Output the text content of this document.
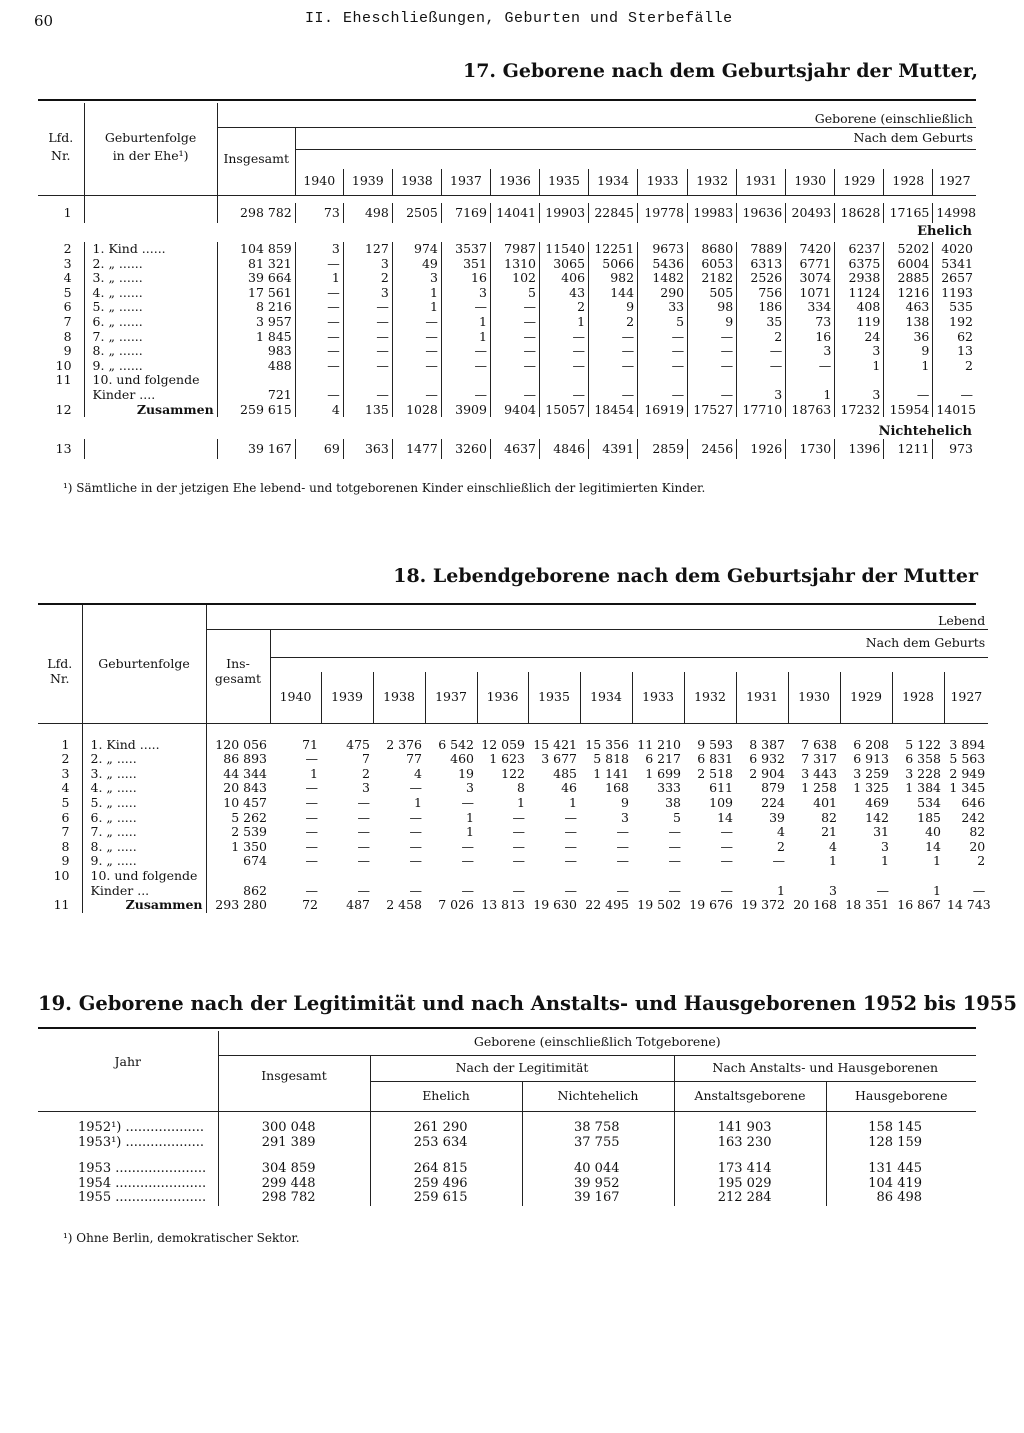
60	II. Eheschließungen, Geburten und Sterbefälle
17. Geborene nach dem Geburtsjahr der Mutter,
		Geborene (einschließlich														
Lfd.	Geburtenfolge		Nach dem Geburts													
Nr.	in der Ehe¹)	Insgesamt														
			1940	1939	1938	1937	1936	1935	1934	1933	1932	1931	1930	1929	1928	1927

1		298 782	73	498	2505	7169	14041	19903	22845	19778	19983	19636	20493	18628	17165	14998
Ehelich																
2	1. Kind ......	104 859	3	127	974	3537	7987	11540	12251	9673	8680	7889	7420	6237	5202	4020
3	2. „ ......	81 321	—	3	49	351	1310	3065	5066	5436	6053	6313	6771	6375	6004	5341
4	3. „ ......	39 664	1	2	3	16	102	406	982	1482	2182	2526	3074	2938	2885	2657
5	4. „ ......	17 561	—	3	1	3	5	43	144	290	505	756	1071	1124	1216	1193
6	5. „ ......	8 216	—	—	1	—	—	2	9	33	98	186	334	408	463	535
7	6. „ ......	3 957	—	—	—	1	—	1	2	5	9	35	73	119	138	192
8	7. „ ......	1 845	—	—	—	1	—	—	—	—	—	2	16	24	36	62
9	8. „ ......	983	—	—	—	—	—	—	—	—	—	—	3	3	9	13
10	9. „ ......	488	—	—	—	—	—	—	—	—	—	—	—	1	1	2
11	10. und folgende															
	Kinder ....	721	—	—	—	—	—	—	—	—	—	3	1	3	—	—
12	Zusammen	259 615	4	135	1028	3909	9404	15057	18454	16919	17527	17710	18763	17232	15954	14015
Nichtehelich																
13		39 167	69	363	1477	3260	4637	4846	4391	2859	2456	1926	1730	1396	1211	973
¹) Sämtliche in der jetzigen Ehe lebend- und totgeborenen Kinder einschließlich der legitimierten Kinder.
18. Lebendgeborene nach dem Geburtsjahr der Mutter
		Lebend														
			Nach dem Geburts													
Lfd.	Geburtenfolge	Ins-														
Nr.		gesamt	1940	1939	1938	1937	1936	1935	1934	1933	1932	1931	1930	1929	1928	1927

1	1. Kind .....	120 056	71	475	2 376	6 542	12 059	15 421	15 356	11 210	9 593	8 387	7 638	6 208	5 122	3 894
2	2. „ .....	86 893	—	7	77	460	1 623	3 677	5 818	6 217	6 831	6 932	7 317	6 913	6 358	5 563
3	3. „ .....	44 344	1	2	4	19	122	485	1 141	1 699	2 518	2 904	3 443	3 259	3 228	2 949
4	4. „ .....	20 843	—	3	—	3	8	46	168	333	611	879	1 258	1 325	1 384	1 345
5	5. „ .....	10 457	—	—	1	—	1	1	9	38	109	224	401	469	534	646
6	6. „ .....	5 262	—	—	—	1	—	—	3	5	14	39	82	142	185	242
7	7. „ .....	2 539	—	—	—	1	—	—	—	—	—	4	21	31	40	82
8	8. „ .....	1 350	—	—	—	—	—	—	—	—	—	2	4	3	14	20
9	9. „ .....	674	—	—	—	—	—	—	—	—	—	—	1	1	1	2
10	10. und folgende															
	Kinder ...	862	—	—	—	—	—	—	—	—	—	1	3	—	1	—
11	Zusammen	293 280	72	487	2 458	7 026	13 813	19 630	22 495	19 502	19 676	19 372	20 168	18 351	16 867	14 743
19. Geborene nach der Legitimität und nach Anstalts- und Hausgeborenen 1952 bis 1955
	Geborene (einschließlich Totgeborene)				
Jahr		Nach der Legitimität		Nach Anstalts- und Hausgeborenen	
	Insgesamt	Ehelich	Nichtehelich	Anstaltsgeborene	Hausgeborene

1952¹) ...................	300 048	261 290	38 758	141 903	158 145
1953¹) ...................	291 389	253 634	37 755	163 230	128 159

1953 ......................	304 859	264 815	40 044	173 414	131 445
1954 ......................	299 448	259 496	39 952	195 029	104 419
1955 ......................	298 782	259 615	39 167	212 284	86 498
¹) Ohne Berlin, demokratischer Sektor.
